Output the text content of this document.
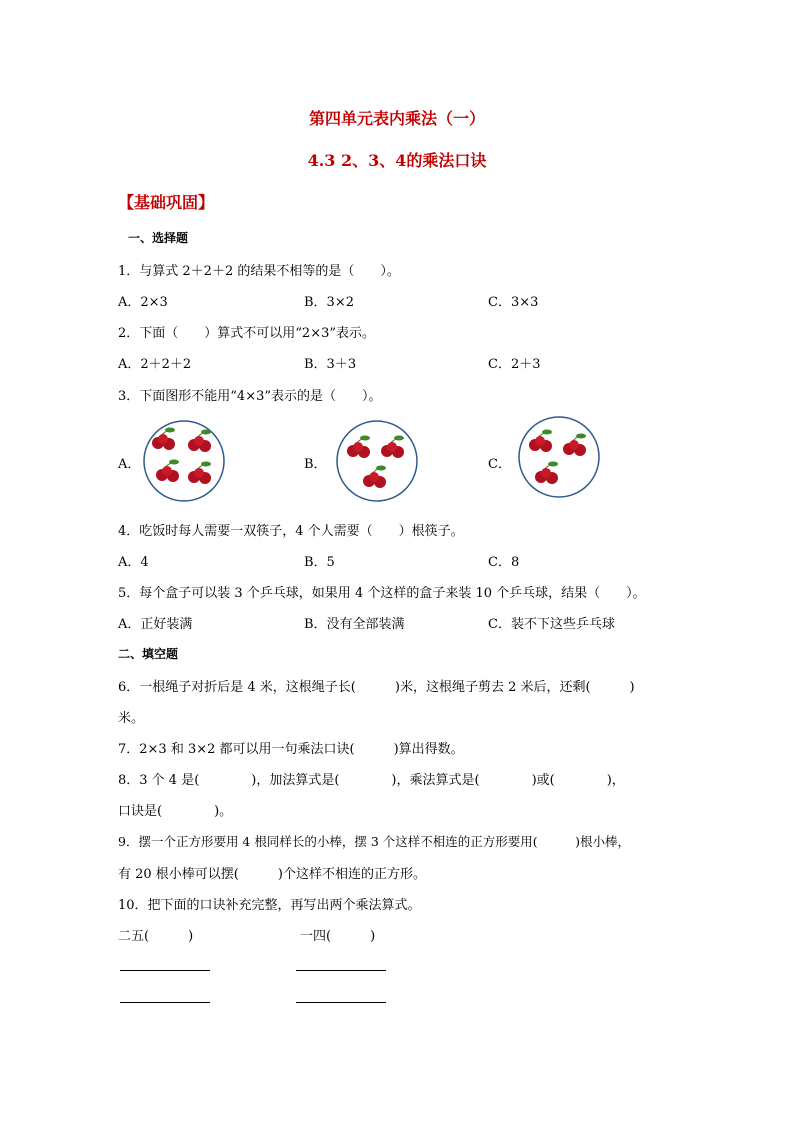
第四单元表内乘法（一）
4.3 2、3、4的乘法口诀
【基础巩固】
一、选择题
1．与算式 2＋2＋2 的结果不相等的是（　　）。
A．2×3	B．3×2	C．3×3
2．下面（　　）算式不可以用“2×3”表示。
A．2＋2＋2	B．3＋3	C．2＋3
3．下面图形不能用“4×3”表示的是（　　）。
A．	B．	C．
4．吃饭时每人需要一双筷子，4 个人需要（　　）根筷子。
A．4	B．5	C．8
5．每个盒子可以装 3 个乒乓球，如果用 4 个这样的盒子来装 10 个乒乓球，结果（　　）。
A．正好装满	B．没有全部装满	C．装不下这些乒乓球
二、填空题
6．一根绳子对折后是 4 米，这根绳子长(　　　)米，这根绳子剪去 2 米后，还剩(　　　)
米。
7．2×3 和 3×2 都可以用一句乘法口诀(　　　)算出得数。
8．3 个 4 是(　　　　)，加法算式是(　　　　)，乘法算式是(　　　　)或(　　　　)，
口诀是(　　　　)。
9．摆一个正方形要用 4 根同样长的小棒，摆 3 个这样不相连的正方形要用(　　　)根小棒，
有 20 根小棒可以摆(　　　)个这样不相连的正方形。
10．把下面的口诀补充完整，再写出两个乘法算式。
二五(　　　)	一四(　　　)
